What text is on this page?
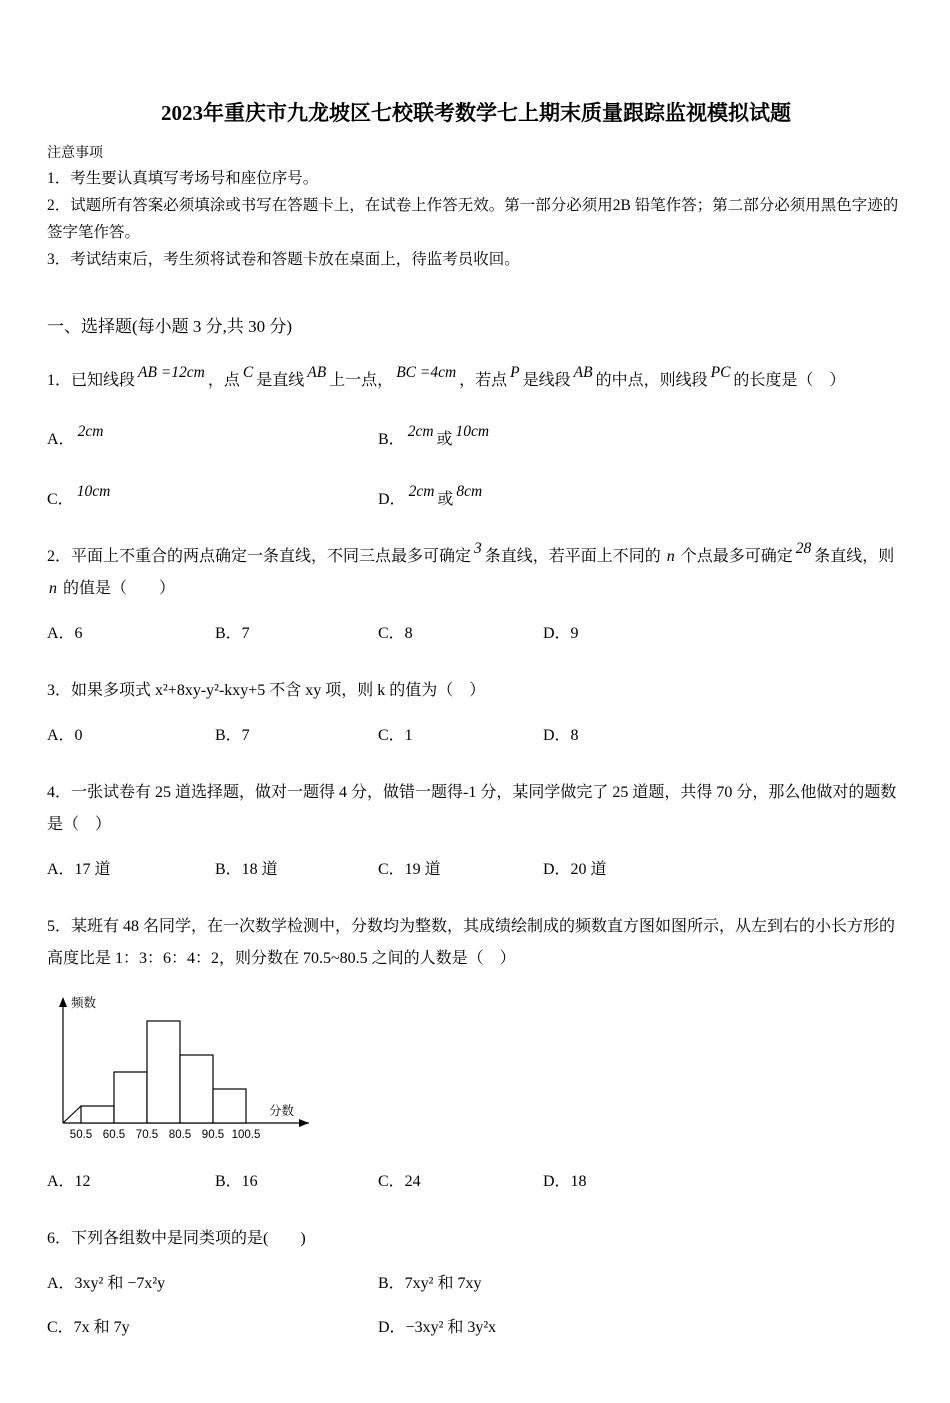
2023年重庆市九龙坡区七校联考数学七上期末质量跟踪监视模拟试题
注意事项
1．考生要认真填写考场号和座位序号。
2．试题所有答案必须填涂或书写在答题卡上，在试卷上作答无效。第一部分必须用2B 铅笔作答；第二部分必须用黑色字迹的签字笔作答。
3．考试结束后，考生须将试卷和答题卡放在桌面上，待监考员收回。
一、选择题(每小题 3 分,共 30 分)
1．已知线段 AB =12cm ，点 C 是直线 AB 上一点， BC =4cm ，若点 P 是线段 AB 的中点，则线段 PC 的长度是（　）
A． 2cm	B． 2cm 或 10cm
C． 10cm	D． 2cm 或 8cm
2．平面上不重合的两点确定一条直线，不同三点最多可确定 3 条直线，若平面上不同的 n 个点最多可确定 28 条直线，则 n 的值是（　　）
A．6	B．7	C．8	D．9
3．如果多项式 x²+8xy-y²-kxy+5 不含 xy 项，则 k 的值为（　）
A．0	B．7	C．1	D．8
4．一张试卷有 25 道选择题，做对一题得 4 分，做错一题得-1 分，某同学做完了 25 道题，共得 70 分，那么他做对的题数是（　）
A．17 道	B．18 道	C．19 道	D．20 道
5．某班有 48 名同学，在一次数学检测中，分数均为整数，其成绩绘制成的频数直方图如图所示，从左到右的小长方形的高度比是 1：3：6：4：2，则分数在 70.5~80.5 之间的人数是（　）
频数
分数
50.5 60.5 70.5 80.5 90.5 100.5
A．12	B．16	C．24	D．18
6．下列各组数中是同类项的是(　　)
A．3xy² 和 −7x²y	B．7xy² 和 7xy
C．7x 和 7y	D．−3xy² 和 3y²x
